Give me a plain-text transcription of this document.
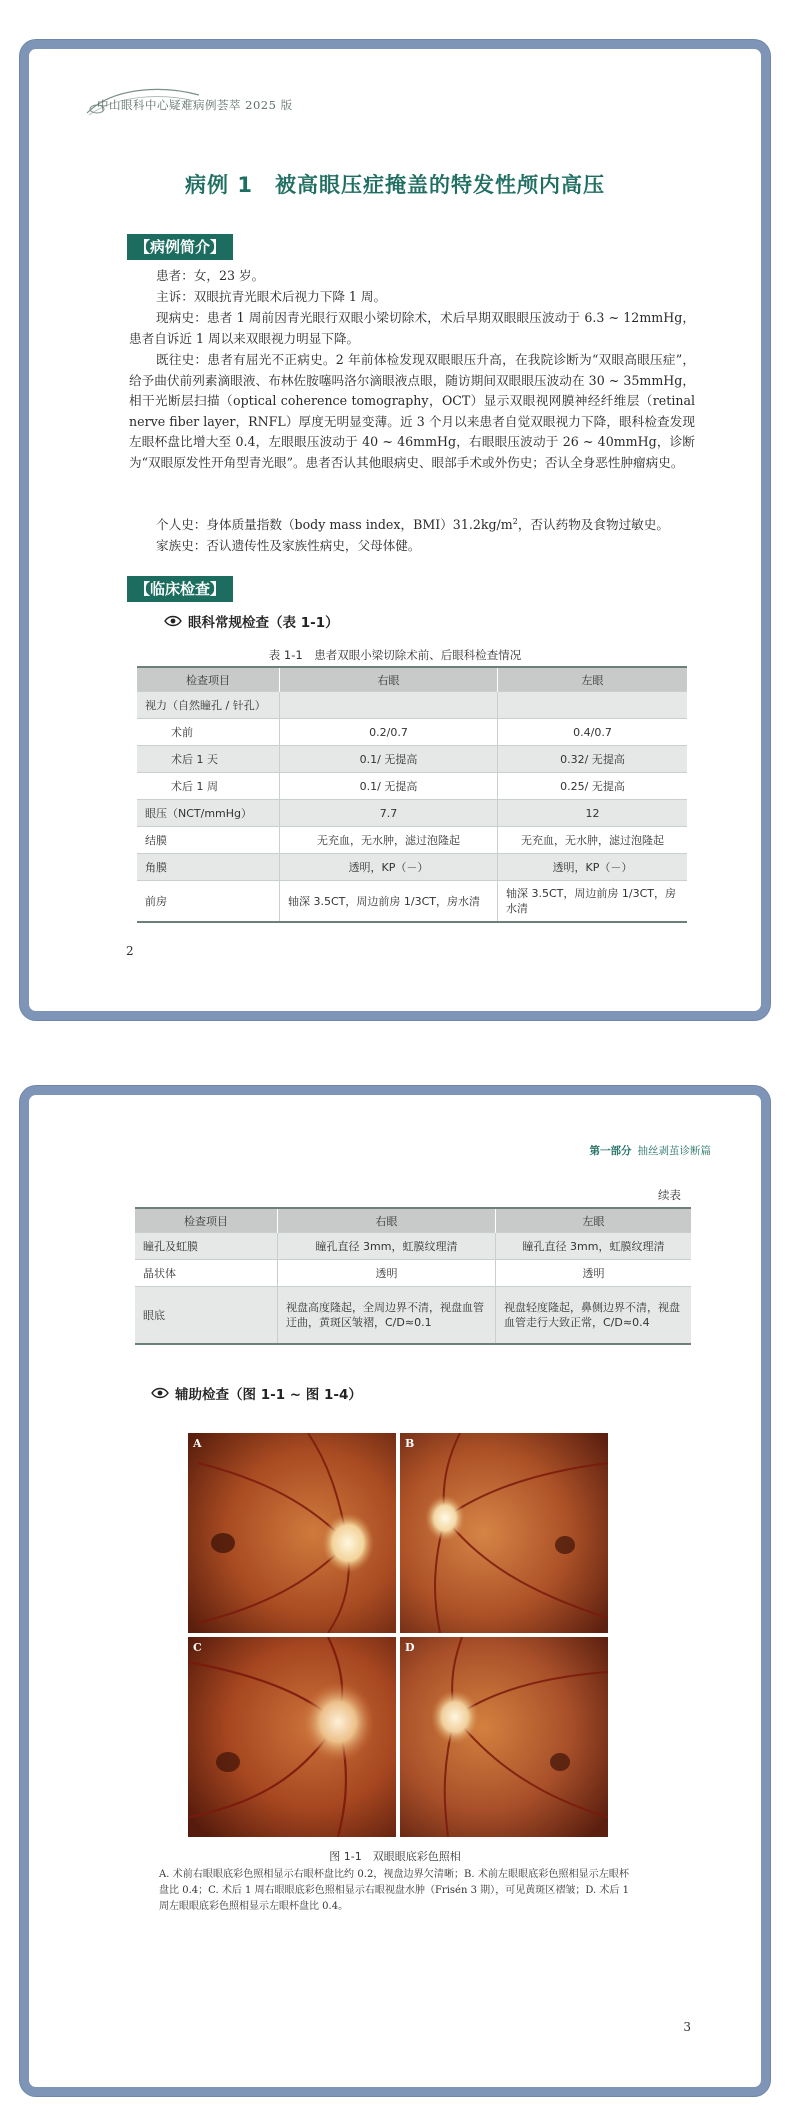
中山眼科中心疑难病例荟萃 2025 版
病例 1　被高眼压症掩盖的特发性颅内高压
【病例简介】

患者：女，23 岁。

主诉：双眼抗青光眼术后视力下降 1 周。

现病史：患者 1 周前因青光眼行双眼小梁切除术，术后早期双眼眼压波动于 6.3 ~ 12mmHg，患者自诉近 1 周以来双眼视力明显下降。

既往史：患者有屈光不正病史。2 年前体检发现双眼眼压升高，在我院诊断为“双眼高眼压症”，给予曲伏前列素滴眼液、布林佐胺噻吗洛尔滴眼液点眼，随访期间双眼眼压波动在 30 ~ 35mmHg，相干光断层扫描（optical coherence tomography，OCT）显示双眼视网膜神经纤维层（retinal nerve fiber layer，RNFL）厚度无明显变薄。近 3 个月以来患者自觉双眼视力下降，眼科检查发现左眼杯盘比增大至 0.4，左眼眼压波动于 40 ~ 46mmHg，右眼眼压波动于 26 ~ 40mmHg，诊断为“双眼原发性开角型青光眼”。患者否认其他眼病史、眼部手术或外伤史；否认全身恶性肿瘤病史。

个人史：身体质量指数（body mass index，$BMI)31.2kg/m^2$，否认药物及食物过敏史。

家族史：否认遗传性及家族性病史，父母体健。

【临床检查】
眼科常规检查（表 1-1）
表 1-1　患者双眼小梁切除术前、后眼科检查情况
检查项目	右眼	左眼
视力（自然瞳孔 / 针孔）		
术前	0.2/0.7	0.4/0.7
术后 1 天	0.1/ 无提高	0.32/ 无提高
术后 1 周	0.1/ 无提高	0.25/ 无提高
眼压（NCT/mmHg）	7.7	12
结膜	无充血，无水肿，滤过泡隆起	无充血，无水肿，滤过泡隆起
角膜	透明，KP（－）	透明，KP（－）
前房	轴深 3.5CT，周边前房 1/3CT，房水清	轴深 3.5CT，周边前房 1/3CT，房水清
2
第一部分 抽丝剥茧诊断篇
续表
检查项目	右眼	左眼
瞳孔及虹膜	瞳孔直径 3mm，虹膜纹理清	瞳孔直径 3mm，虹膜纹理清
晶状体	透明	透明
眼底	视盘高度隆起，全周边界不清，视盘血管迂曲，黄斑区皱褶，C/D≈0.1	视盘轻度隆起，鼻侧边界不清，视盘血管走行大致正常，C/D≈0.4
辅助检查（图 1-1 ~ 图 1-4）
A	B
C	D
图 1-1　双眼眼底彩色照相

A. 术前右眼眼底彩色照相显示右眼杯盘比约 0.2，视盘边界欠清晰；B. 术前左眼眼底彩色照相显示左眼杯盘比 0.4；C. 术后 1 周右眼眼底彩色照相显示右眼视盘水肿（Frisén 3 期），可见黄斑区褶皱；D. 术后 1 周左眼眼底彩色照相显示左眼杯盘比 0.4。

3
